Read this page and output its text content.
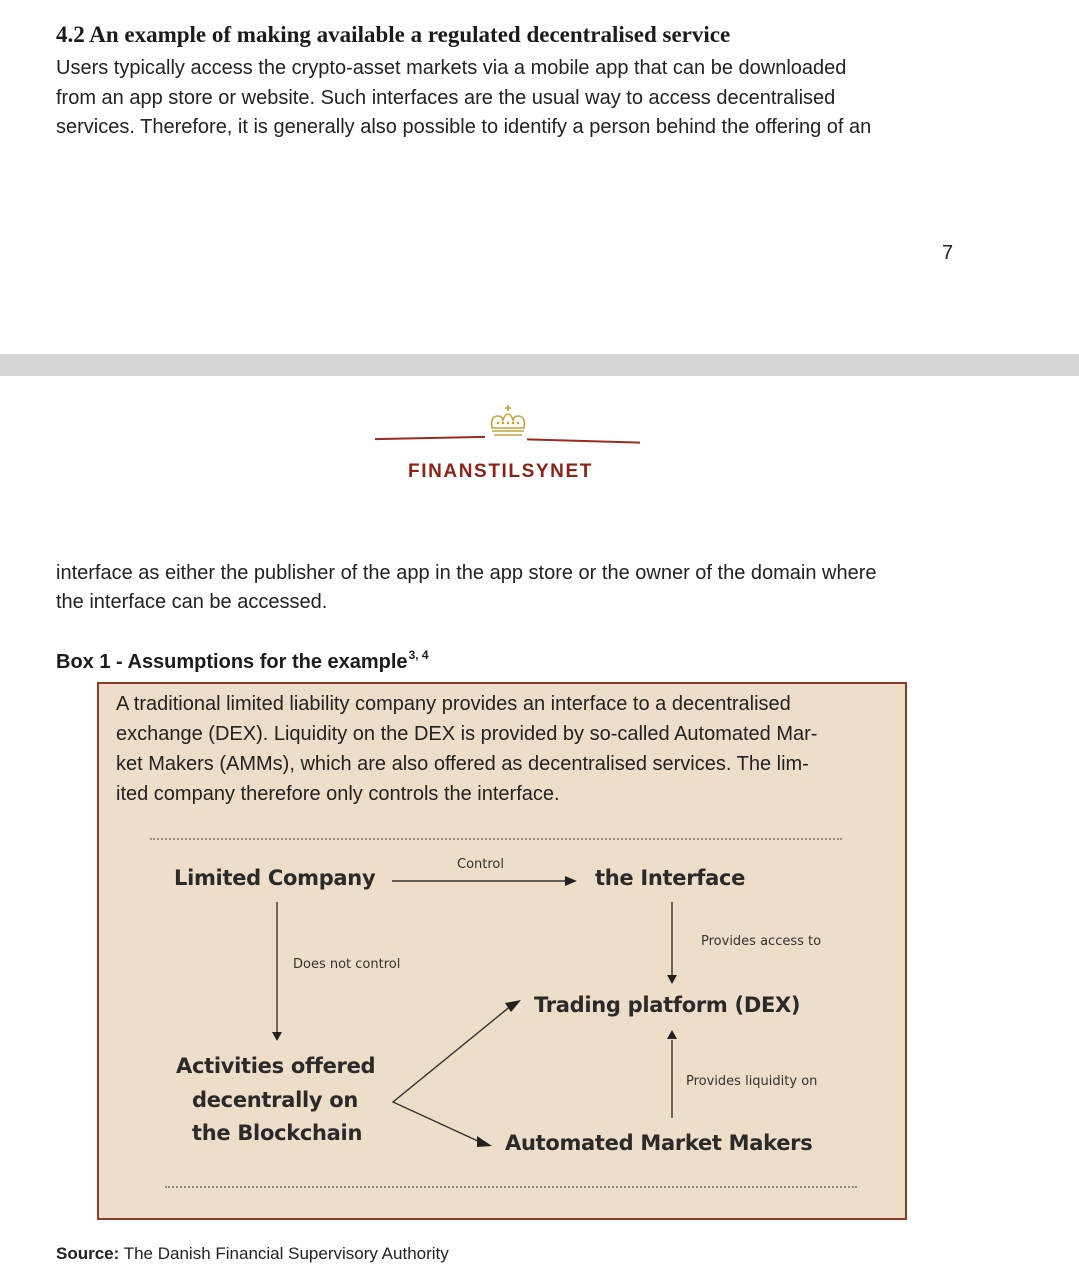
4.2 An example of making available a regulated decentralised service
Users typically access the crypto-asset markets via a mobile app that can be downloaded
from an app store or website. Such interfaces are the usual way to access decentralised
services. Therefore, it is generally also possible to identify a person behind the offering of an
7
FINANSTILSYNET
interface as either the publisher of the app in the app store or the owner of the domain where
the interface can be accessed.
Box 1 - Assumptions for the example$^{3, 4}$
A traditional limited liability company provides an interface to a decentralised
exchange (DEX). Liquidity on the DEX is provided by so-called Automated Mar-
ket Makers (AMMs), which are also offered as decentralised services. The lim-
ited company therefore only controls the interface.
Limited Company	the Interface
Trading platform (DEX)
Activities offered
decentrally on
the Blockchain	Automated Market Makers
Control
Does not control
Provides access to
Provides liquidity on
Source: The Danish Financial Supervisory Authority
